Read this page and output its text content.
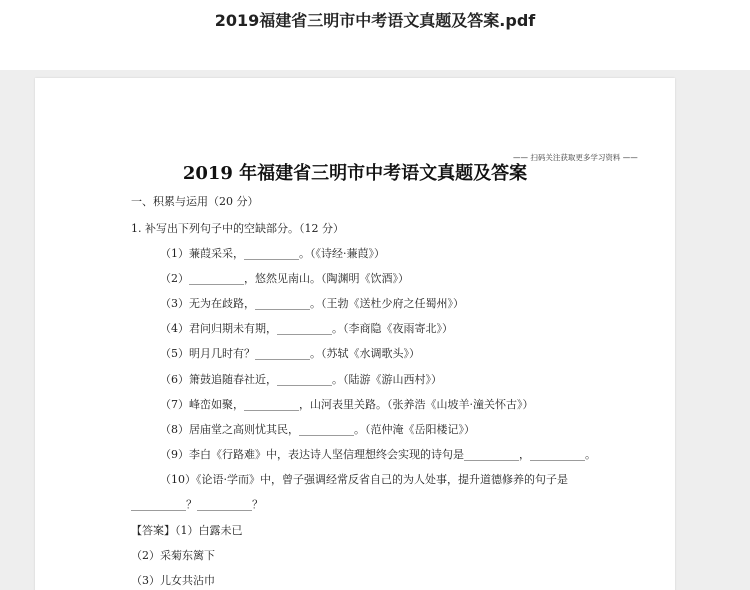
2019福建省三明市中考语文真题及答案.pdf
—— 扫码关注获取更多学习资料 ——
2019 年福建省三明市中考语文真题及答案
一、积累与运用（20 分）
1. 补写出下列句子中的空缺部分。（12 分）
（1）蒹葭采采，__________。（《诗经·蒹葭》）
（2）__________，悠然见南山。（陶渊明《饮酒》）
（3）无为在歧路，__________。（王勃《送杜少府之任蜀州》）
（4）君问归期未有期，__________。（李商隐《夜雨寄北》）
（5）明月几时有？__________。（苏轼《水调歌头》）
（6）箫鼓追随春社近，__________。（陆游《游山西村》）
（7）峰峦如聚，__________，山河表里关路。（张养浩《山坡羊·潼关怀古》）
（8）居庙堂之高则忧其民，__________。（范仲淹《岳阳楼记》）
（9）李白《行路难》中，表达诗人坚信理想终会实现的诗句是__________，__________。
（10）《论语·学而》中，曾子强调经常反省自己的为人处事，提升道德修养的句子是
__________？__________？
【答案】（1）白露未已
（2）采菊东篱下
（3）儿女共沾巾
